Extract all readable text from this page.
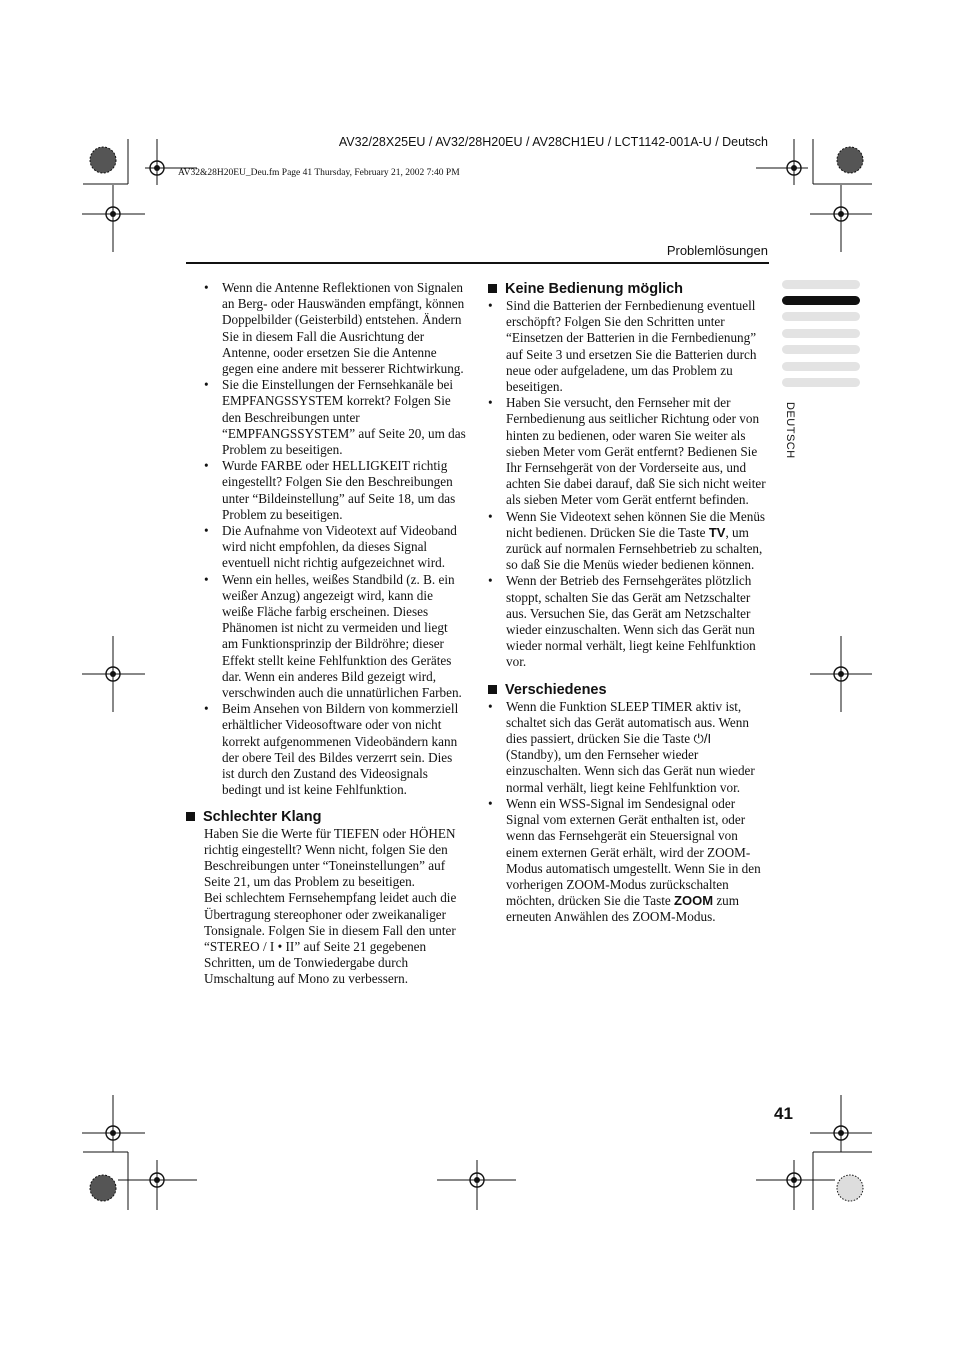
AV32/28X25EU / AV32/28H20EU / AV28CH1EU / LCT1142-001A-U / Deutsch
AV32&28H20EU_Deu.fm Page 41 Thursday, February 21, 2002 7:40 PM
Problemlösungen
DEUTSCH
• Wenn die Antenne Reflektionen von Signalen an Berg- oder Hauswänden empfängt, können Doppelbilder (Geisterbild) entstehen. Ändern Sie in diesem Fall die Ausrichtung der Antenne, ooder ersetzen Sie die Antenne gegen eine andere mit besserer Richtwirkung.
• Sie die Einstellungen der Fernsehkanäle bei EMPFANGSSYSTEM korrekt? Folgen Sie den Beschreibungen unter “EMPFANGSSYSTEM” auf Seite 20, um das Problem zu beseitigen.
• Wurde FARBE oder HELLIGKEIT richtig eingestellt? Folgen Sie den Beschreibungen unter “Bildeinstellung” auf Seite 18, um das Problem zu beseitigen.
• Die Aufnahme von Videotext auf Videoband wird nicht empfohlen, da dieses Signal eventuell nicht richtig aufgezeichnet wird.
• Wenn ein helles, weißes Standbild (z. B. ein weißer Anzug) angezeigt wird, kann die weiße Fläche farbig erscheinen. Dieses Phänomen ist nicht zu vermeiden und liegt am Funktionsprinzip der Bildröhre; dieser Effekt stellt keine Fehlfunktion des Gerätes dar. Wenn ein anderes Bild gezeigt wird, verschwinden auch die unnatürlichen Farben.
• Beim Ansehen von Bildern von kommerziell erhältlicher Videosoftware oder von nicht korrekt aufgenommenen Videobändern kann der obere Teil des Bildes verzerrt sein. Dies ist durch den Zustand des Videosignals bedingt und ist keine Fehlfunktion.
Schlechter Klang
Haben Sie die Werte für TIEFEN oder HÖHEN richtig eingestellt? Wenn nicht, folgen Sie den Beschreibungen unter “Toneinstellungen” auf Seite 21, um das Problem zu beseitigen.
Bei schlechtem Fernsehempfang leidet auch die Übertragung stereophoner oder zweikanaliger Tonsignale. Folgen Sie in diesem Fall den unter “STEREO / I • II” auf Seite 21 gegebenen Schritten, um de Tonwiedergabe durch Umschaltung auf Mono zu verbessern.
Keine Bedienung möglich
• Sind die Batterien der Fernbedienung eventuell erschöpft? Folgen Sie den Schritten unter “Einsetzen der Batterien in die Fernbedienung” auf Seite 3 und ersetzen Sie die Batterien durch neue oder aufgeladene, um das Problem zu beseitigen.
• Haben Sie versucht, den Fernseher mit der Fernbedienung aus seitlicher Richtung oder von hinten zu bedienen, oder waren Sie weiter als sieben Meter vom Gerät entfernt? Bedienen Sie Ihr Fernsehgerät von der Vorderseite aus, und achten Sie dabei darauf, daß Sie sich nicht weiter als sieben Meter vom Gerät entfernt befinden.
• Wenn Sie Videotext sehen können Sie die Menüs nicht bedienen. Drücken Sie die Taste TV, um zurück auf normalen Fernsehbetrieb zu schalten, so daß Sie die Menüs wieder bedienen können.
• Wenn der Betrieb des Fernsehgerätes plötzlich stoppt, schalten Sie das Gerät am Netzschalter aus. Versuchen Sie, das Gerät am Netzschalter wieder einzuschalten. Wenn sich das Gerät nun wieder normal verhält, liegt keine Fehlfunktion vor.
Verschiedenes
• Wenn die Funktion SLEEP TIMER aktiv ist, schaltet sich das Gerät automatisch aus. Wenn dies passiert, drücken Sie die Taste ⏻/I (Standby), um den Fernseher wieder einzuschalten. Wenn sich das Gerät nun wieder normal verhält, liegt keine Fehlfunktion vor.
• Wenn ein WSS-Signal im Sendesignal oder Signal vom externen Gerät enthalten ist, oder wenn das Fernsehgerät ein Steuersignal von einem externen Gerät erhält, wird der ZOOM-Modus automatisch umgestellt. Wenn Sie in den vorherigen ZOOM-Modus zurückschalten möchten, drücken Sie die Taste ZOOM zum erneuten Anwählen des ZOOM-Modus.
41
